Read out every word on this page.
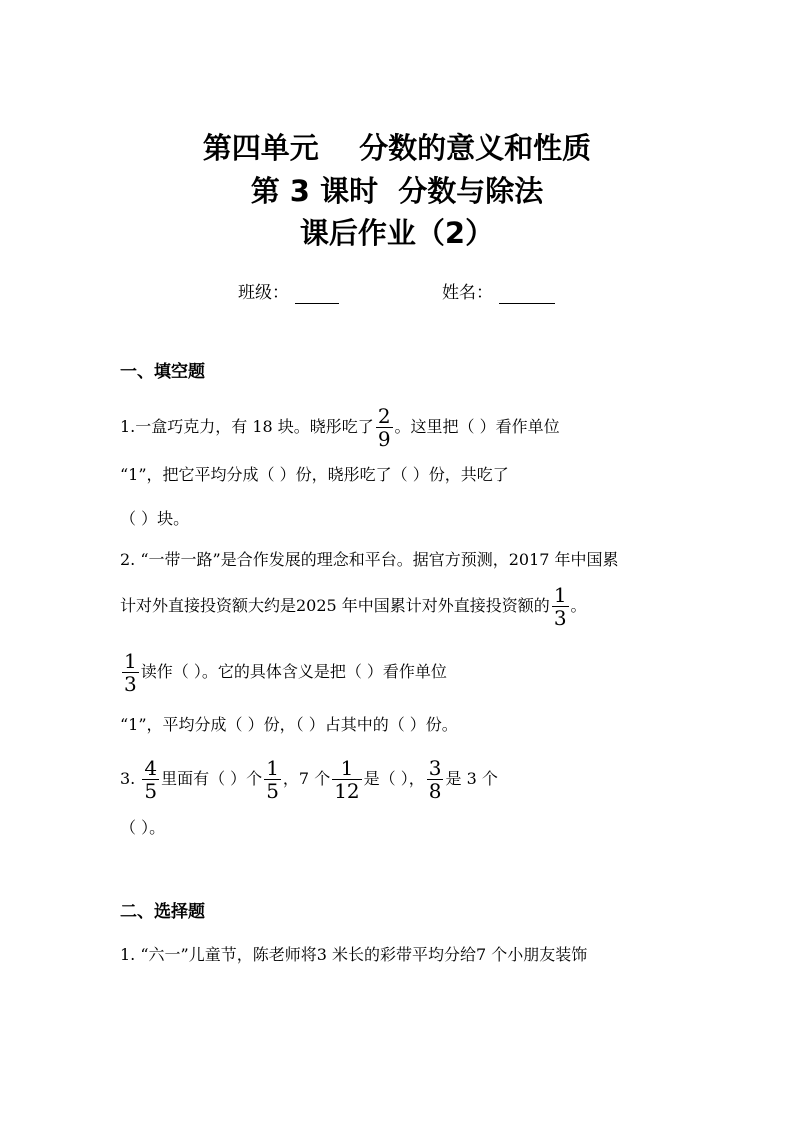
第四单元    分数的意义和性质
第 3 课时  分数与除法
课后作业（2）
班级：	姓名：
一、填空题
1.一盒巧克力，有 18 块。晓彤吃了 $\frac{2}{9}$ 。这里把（ ）看作单位
“1”，把它平均分成（ ）份，晓彤吃了（ ）份，共吃了
（ ）块。
2. “一带一路”是合作发展的理念和平台。据官方预测，2017 年中国累
计对外直接投资额大约是2025 年中国累计对外直接投资额的 $\frac{1}{3}$ 。
$\frac{1}{3}$ 读作（ ）。它的具体含义是把（ ）看作单位
“1”，平均分成（ ）份，（ ）占其中的（ ）份。
3. $\frac{4}{5}$ 里面有（ ）个 $\frac{1}{5}$ ，7 个 $\frac{1}{12}$ 是（ ）， $\frac{3}{8}$ 是 3 个
（ ）。
二、选择题
1. “六一”儿童节，陈老师将3 米长的彩带平均分给7 个小朋友装饰
